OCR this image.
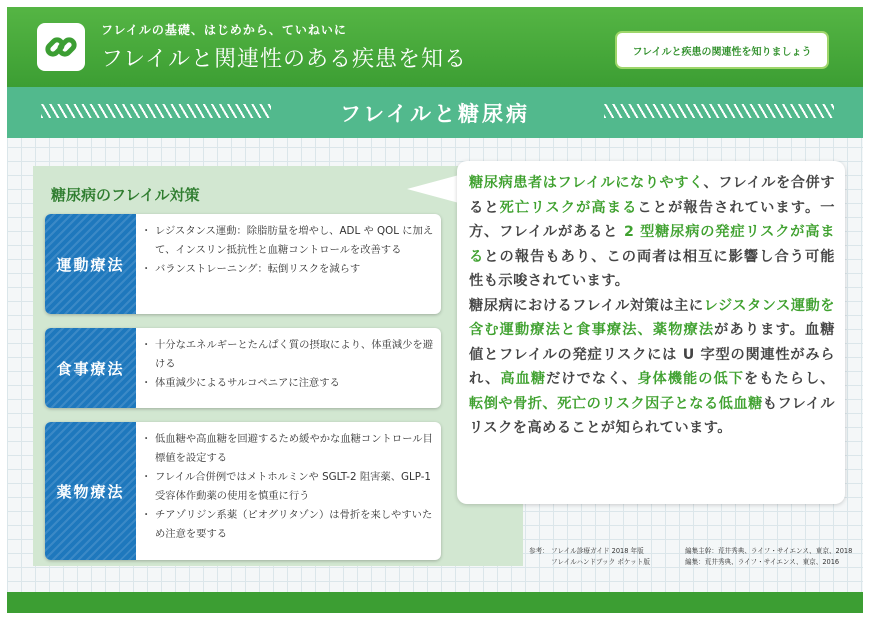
フレイルの基礎、はじめから、ていねいに
フレイルと関連性のある疾患を知る	フレイルと疾患の関連性を知りましょう
フレイルと糖尿病
糖尿病のフレイル対策
運動療法
・ レジスタンス運動：除脂肪量を増やし、ADL や QOL に加えて、インスリン抵抗性と血糖コントロールを改善する
・ バランストレーニング：転倒リスクを減らす
食事療法
・ 十分なエネルギーとたんぱく質の摂取により、体重減少を避ける
・ 体重減少によるサルコペニアに注意する
薬物療法
・ 低血糖や高血糖を回避するため緩やかな血糖コントロール目標値を設定する
・ フレイル合併例ではメトホルミンや SGLT-2 阻害薬、GLP-1 受容体作動薬の使用を慎重に行う
・ チアゾリジン系薬（ピオグリタゾン）は骨折を来しやすいため注意を要する
糖尿病患者はフレイルになりやすく、フレイルを合併すると死亡リスクが高まることが報告されています。一方、フレイルがあると 2 型糖尿病の発症リスクが高まるとの報告もあり、この両者は相互に影響し合う可能性も示唆されています。
糖尿病におけるフレイル対策は主にレジスタンス運動を含む運動療法と食事療法、薬物療法があります。血糖値とフレイルの発症リスクには U 字型の関連性がみられ、高血糖だけでなく、身体機能の低下をもたらし、転倒や骨折、死亡のリスク因子となる低血糖もフレイルリスクを高めることが知られています。
参考： フレイル診療ガイド 2018 年版	編集主幹：荒井秀典、ライフ・サイエンス、東京、2018
フレイルハンドブック ポケット版	編集：荒井秀典、ライフ・サイエンス、東京、2016
